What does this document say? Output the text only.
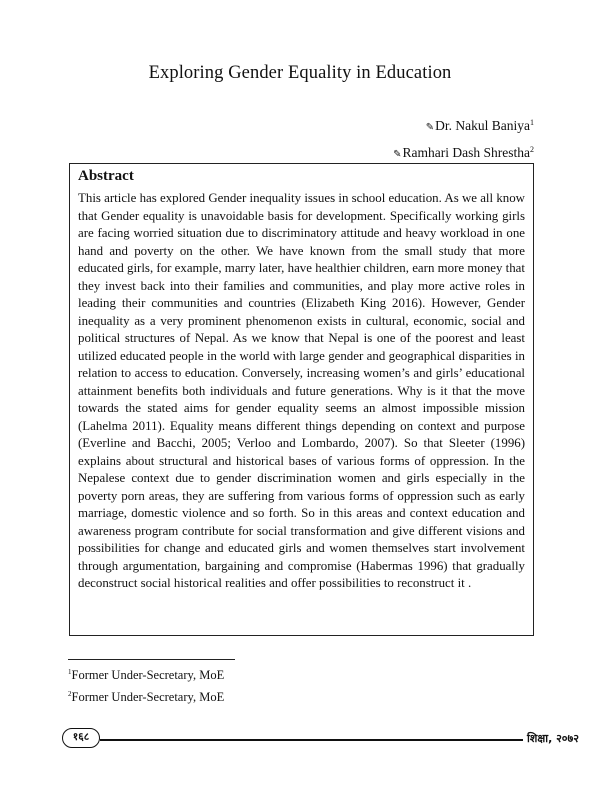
Exploring Gender Equality in Education
✎Dr. Nakul Baniya$^1$
✎Ramhari Dash Shrestha$^2$
Abstract

This article has explored Gender inequality issues in school education. As we all know that Gender equality is unavoidable basis for development. Specifically working girls are facing worried situation due to discriminatory attitude and heavy workload in one hand and poverty on the other. We have known from the small study that more educated girls, for example, marry later, have healthier children, earn more money that they invest back into their families and communities, and play more active roles in leading their communities and countries (Elizabeth King 2016). However, Gender inequality as a very prominent phenomenon exists in cultural, economic, social and political structures of Nepal. As we know that Nepal is one of the poorest and least utilized educated people in the world with large gender and geographical disparities in relation to access to education. Conversely, increasing women’s and girls’ educational attainment benefits both individuals and future generations. Why is it that the move towards the stated aims for gender equality seems an almost impossible mission (Lahelma 2011). Equality means different things depending on context and purpose (Everline and Bacchi, 2005; Verloo and Lombardo, 2007). So that Sleeter (1996) explains about structural and historical bases of various forms of oppression. In the Nepalese context due to gender discrimination women and girls especially in the poverty porn areas, they are suffering from various forms of oppression such as early marriage, domestic violence and so forth. So in this areas and context education and awareness program contribute for social transformation and give different visions and possibilities for change and educated girls and women themselves start involvement through argumentation, bargaining and compromise (Habermas 1996) that gradually deconstruct social historical realities and offer possibilities to reconstruct it .

$^1$Former Under-Secretary, MoE
$^2$Former Under-Secretary, MoE
१६८	शिक्षा, २०७२
